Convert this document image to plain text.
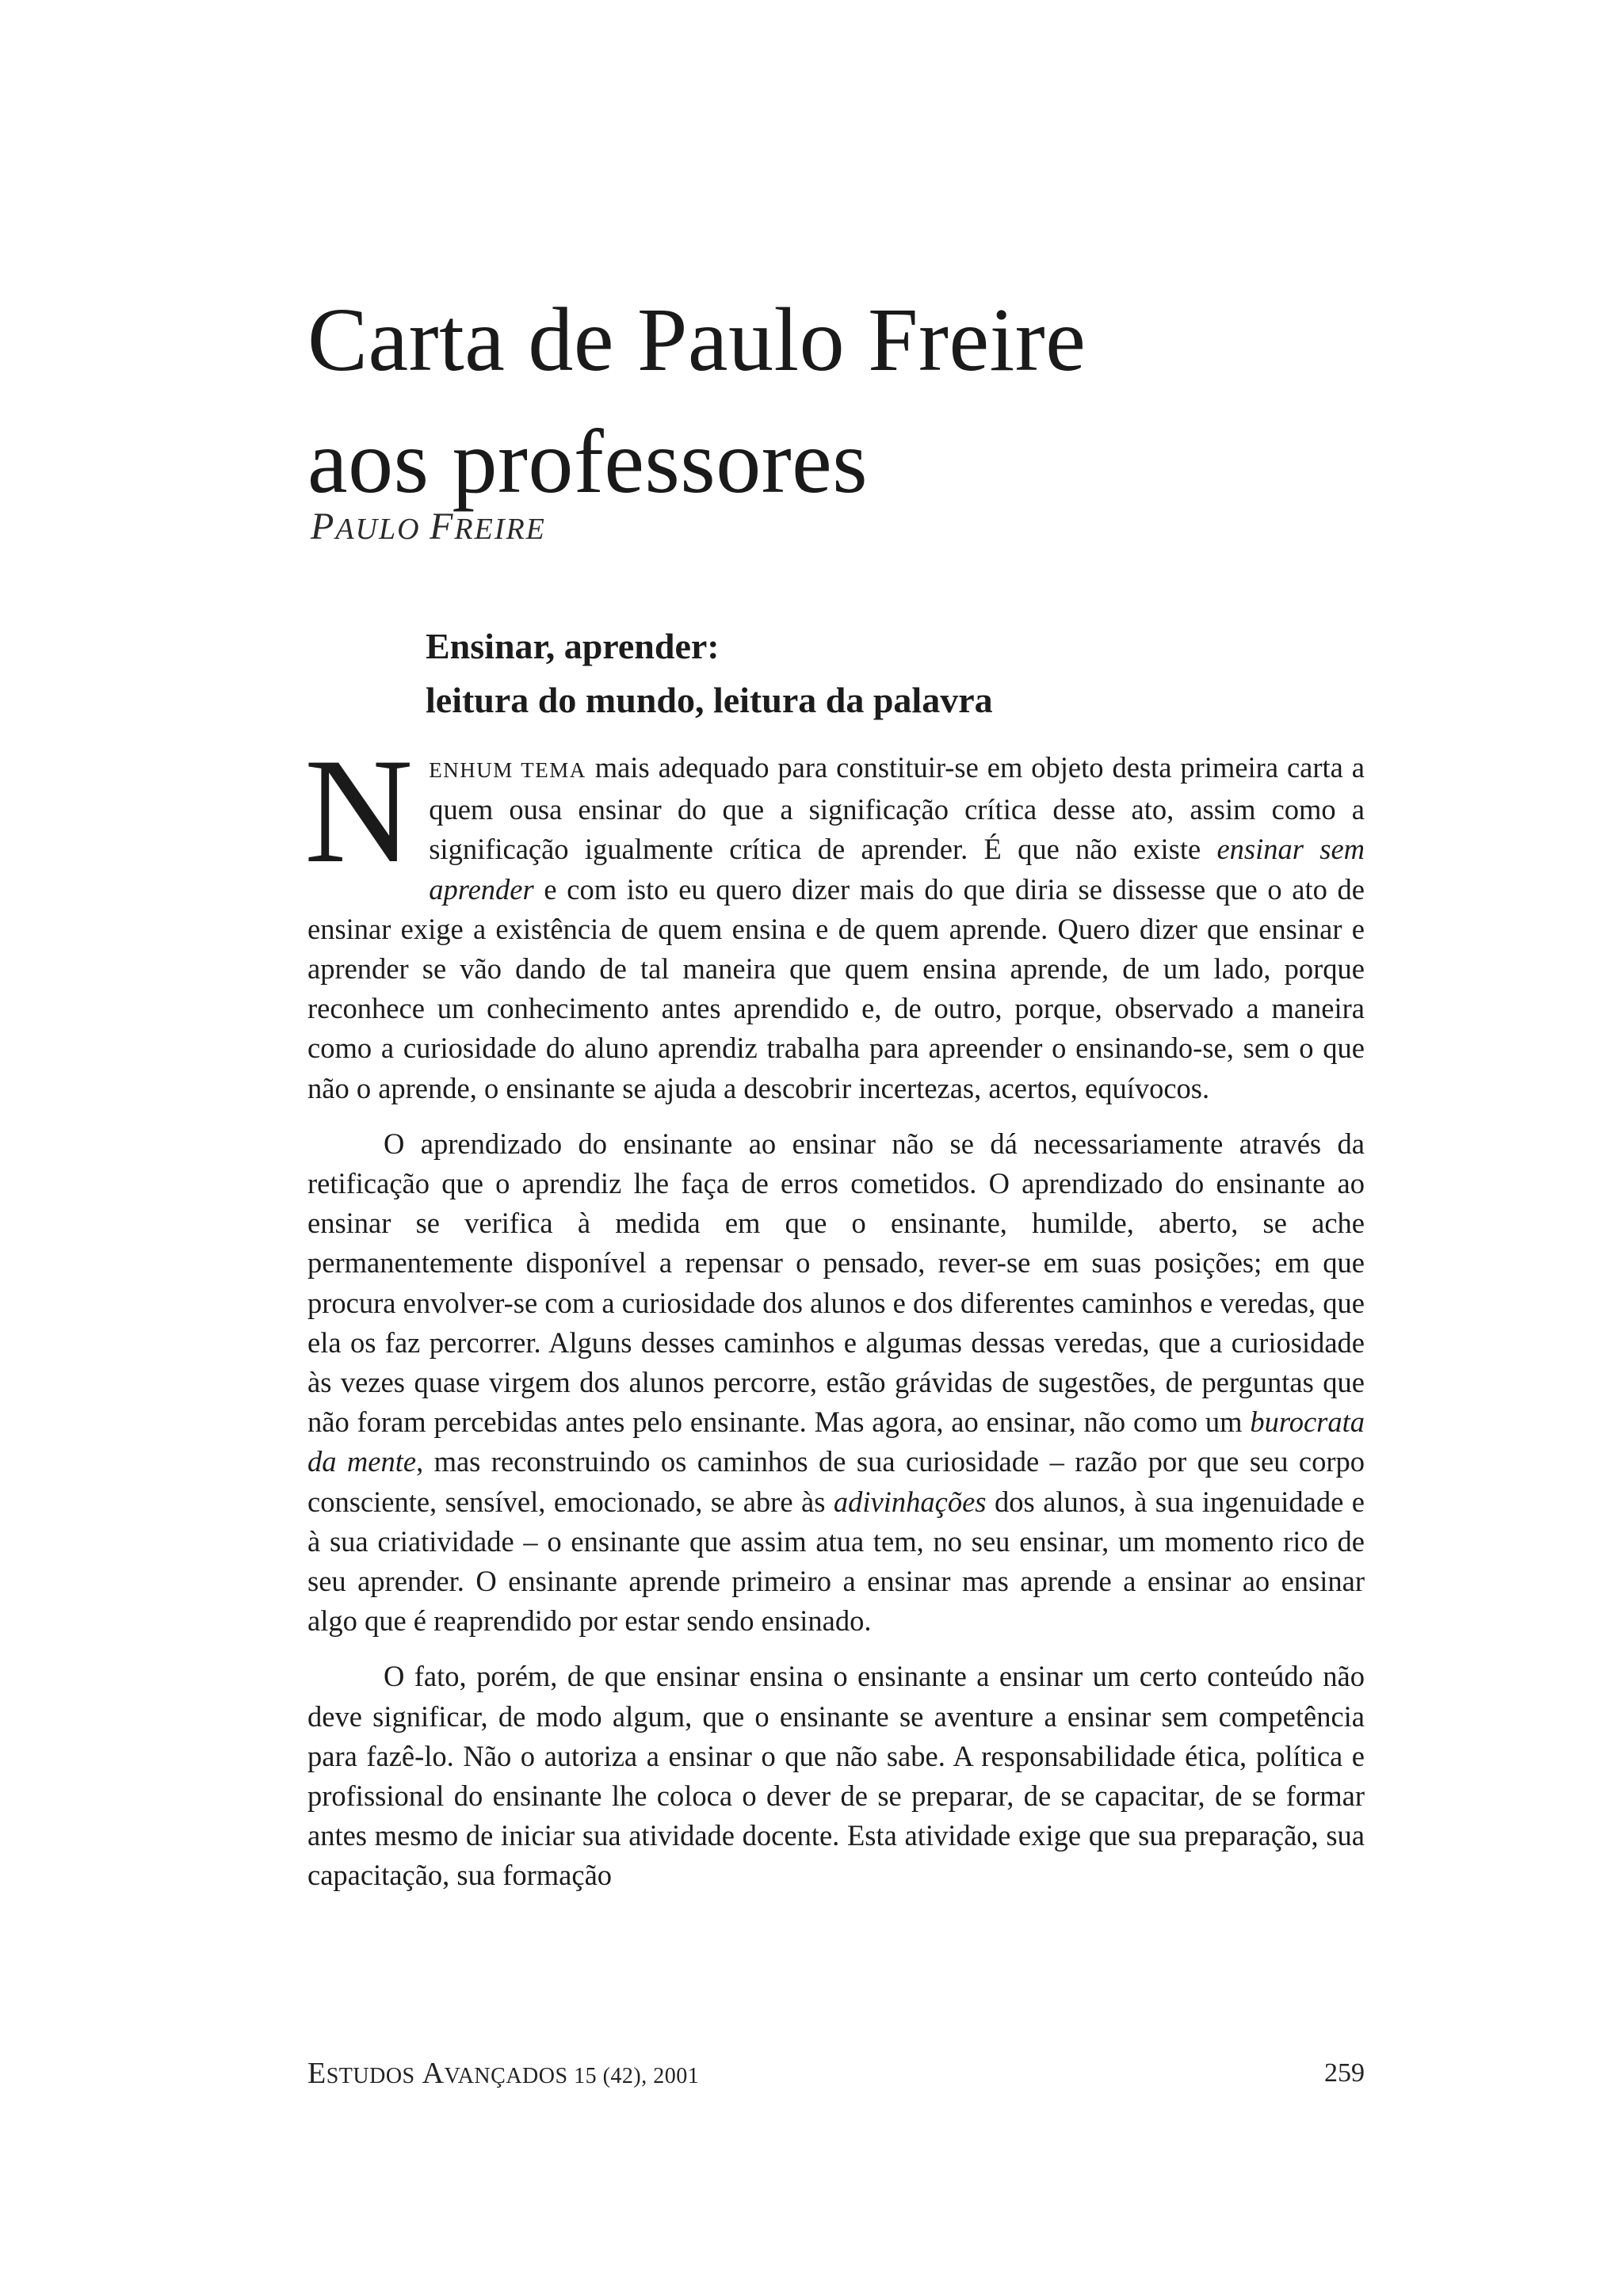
Carta de Paulo Freire
aos professores
PAULO FREIRE
Ensinar, aprender:
leitura do mundo, leitura da palavra

NENHUM TEMA mais adequado para constituir-se em objeto desta primeira carta a quem ousa ensinar do que a significação crítica desse ato, assim como a significação igualmente crítica de aprender. É que não existe ensinar sem aprender e com isto eu quero dizer mais do que diria se dissesse que o ato de ensinar exige a existência de quem ensina e de quem aprende. Quero dizer que ensinar e aprender se vão dando de tal maneira que quem ensina aprende, de um lado, porque reconhece um conhecimento antes aprendido e, de outro, porque, observado a maneira como a curiosidade do aluno aprendiz trabalha para apreender o ensinando-se, sem o que não o aprende, o ensinante se ajuda a descobrir incertezas, acertos, equívocos.

O aprendizado do ensinante ao ensinar não se dá necessariamente através da retificação que o aprendiz lhe faça de erros cometidos. O aprendizado do ensinante ao ensinar se verifica à medida em que o ensinante, humilde, aberto, se ache permanentemente disponível a repensar o pensado, rever-se em suas posições; em que procura envolver-se com a curiosidade dos alunos e dos diferentes caminhos e veredas, que ela os faz percorrer. Alguns desses caminhos e algumas dessas veredas, que a curiosidade às vezes quase virgem dos alunos percorre, estão grávidas de sugestões, de perguntas que não foram percebidas antes pelo ensinante. Mas agora, ao ensinar, não como um burocrata da mente, mas reconstruindo os caminhos de sua curiosidade – razão por que seu corpo consciente, sensível, emocionado, se abre às adivinhações dos alunos, à sua ingenuidade e à sua criatividade – o ensinante que assim atua tem, no seu ensinar, um momento rico de seu aprender. O ensinante aprende primeiro a ensinar mas aprende a ensinar ao ensinar algo que é reaprendido por estar sendo ensinado.

O fato, porém, de que ensinar ensina o ensinante a ensinar um certo conteúdo não deve significar, de modo algum, que o ensinante se aventure a ensinar sem competência para fazê-lo. Não o autoriza a ensinar o que não sabe. A responsabilidade ética, política e profissional do ensinante lhe coloca o dever de se preparar, de se capacitar, de se formar antes mesmo de iniciar sua atividade docente. Esta atividade exige que sua preparação, sua capacitação, sua formação

ESTUDOS AVANÇADOS 15 (42), 2001	259
